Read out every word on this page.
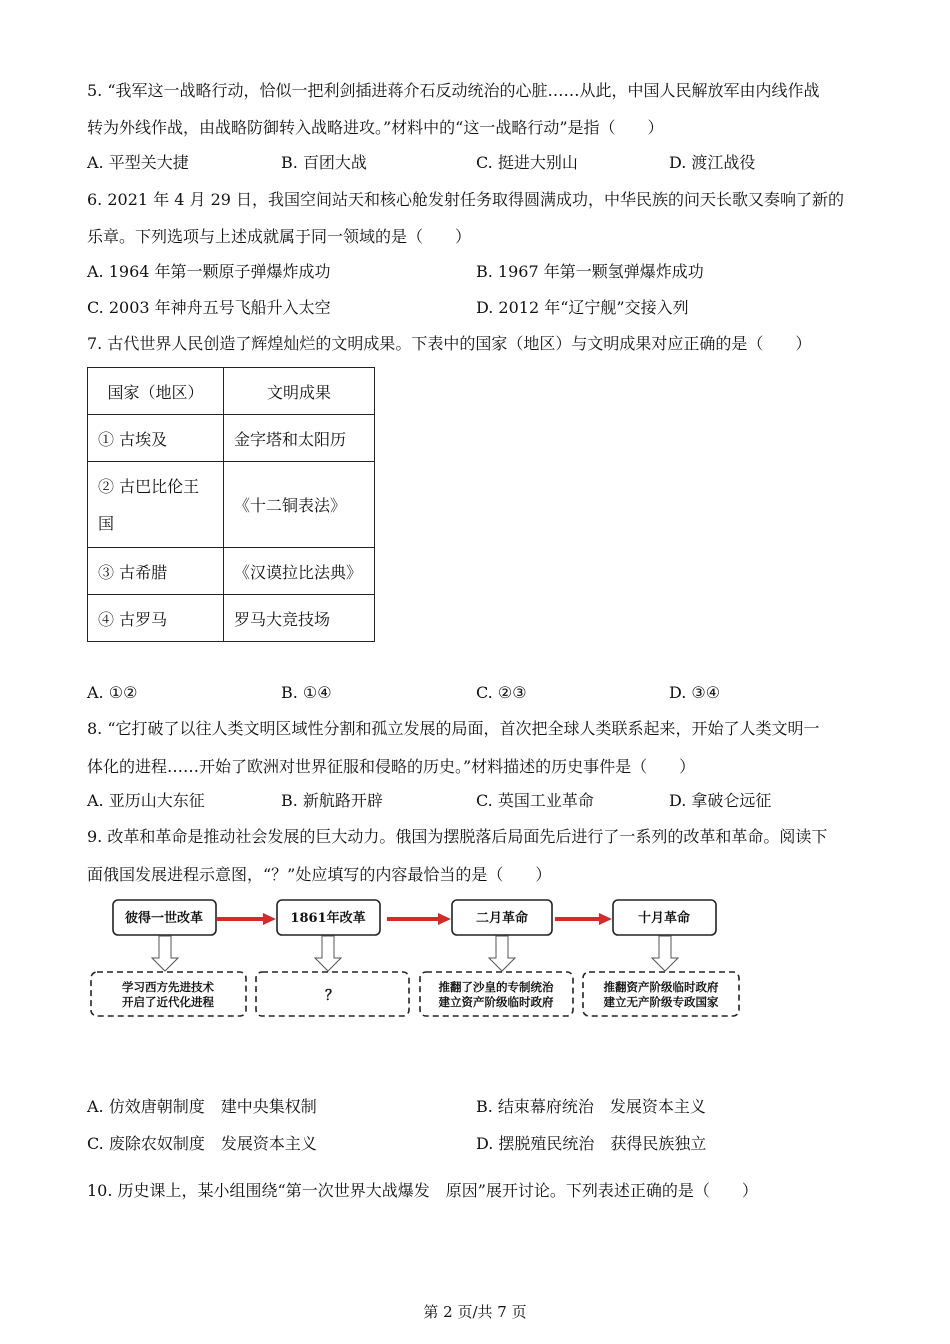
5. “我军这一战略行动，恰似一把利剑插进蒋介石反动统治的心脏……从此，中国人民解放军由内线作战
转为外线作战，由战略防御转入战略进攻。”材料中的“这一战略行动”是指（　　）
A. 平型关大捷	B. 百团大战	C. 挺进大别山	D. 渡江战役
6. 2021 年 4 月 29 日，我国空间站天和核心舱发射任务取得圆满成功，中华民族的问天长歌又奏响了新的
乐章。下列选项与上述成就属于同一领域的是（　　）
A. 1964 年第一颗原子弹爆炸成功	B. 1967 年第一颗氢弹爆炸成功
C. 2003 年神舟五号飞船升入太空	D. 2012 年“辽宁舰”交接入列
7. 古代世界人民创造了辉煌灿烂的文明成果。下表中的国家（地区）与文明成果对应正确的是（　　）
国家（地区）	文明成果
① 古埃及	金字塔和太阳历
② 古巴比伦王
国	《十二铜表法》
③ 古希腊	《汉谟拉比法典》
④ 古罗马	罗马大竞技场
A. ①②	B. ①④	C. ②③	D. ③④
8. “它打破了以往人类文明区域性分割和孤立发展的局面，首次把全球人类联系起来，开始了人类文明一
体化的进程……开始了欧洲对世界征服和侵略的历史。”材料描述的历史事件是（　　）
A. 亚历山大东征	B. 新航路开辟	C. 英国工业革命	D. 拿破仑远征
9. 改革和革命是推动社会发展的巨大动力。俄国为摆脱落后局面先后进行了一系列的改革和革命。阅读下
面俄国发展进程示意图，“？”处应填写的内容最恰当的是（　　）
彼得一世改革	1861年改革	二月革命	十月革命
学习西方先进技术
开启了近代化进程	？
推翻了沙皇的专制统治
建立资产阶级临时政府
推翻资产阶级临时政府
建立无产阶级专政国家
A. 仿效唐朝制度　建中央集权制	B. 结束幕府统治　发展资本主义
C. 废除农奴制度　发展资本主义	D. 摆脱殖民统治　获得民族独立
10. 历史课上，某小组围绕“第一次世界大战爆发　原因”展开讨论。下列表述正确的是（　　）
第 2 页/共 7 页
